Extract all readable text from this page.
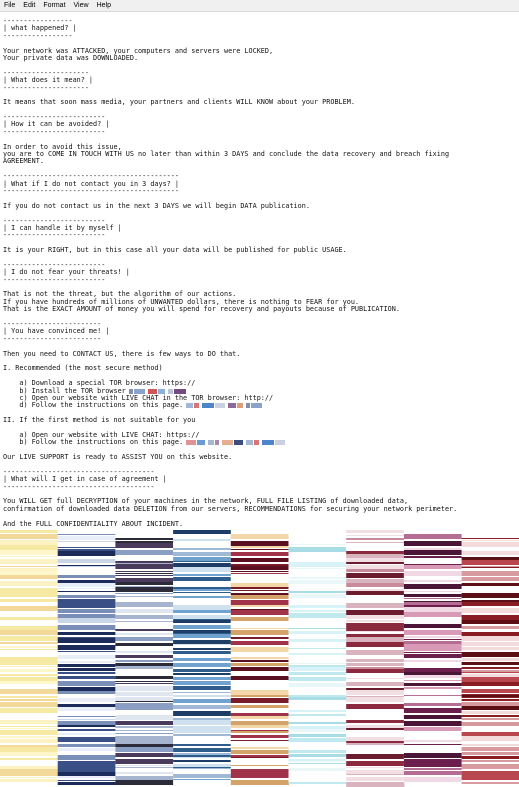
File Edit Format View Help
-----------------
| what happened? |
-----------------
Your network was ATTACKED, your computers and servers were LOCKED,
Your private data was DOWNLOADED.
---------------------
| What does it mean? |
---------------------
It means that soon mass media, your partners and clients WILL KNOW about your PROBLEM.
-------------------------
| How it can be avoided? |
-------------------------
In order to avoid this issue,
you are to COME IN TOUCH WITH US no later than within 3 DAYS and conclude the data recovery and breach fixing
AGREEMENT.
-------------------------------------------
| What if I do not contact you in 3 days? |
-------------------------------------------
If you do not contact us in the next 3 DAYS we will begin DATA publication.
-------------------------
| I can handle it by myself |
-------------------------
It is your RIGHT, but in this case all your data will be published for public USAGE.
-------------------------
| I do not fear your threats! |
-------------------------
That is not the threat, but the algorithm of our actions.
If you have hundreds of millions of UNWANTED dollars, there is nothing to FEAR for you.
That is the EXACT AMOUNT of money you will spend for recovery and payouts because of PUBLICATION.
------------------------
| You have convinced me! |
------------------------
Then you need to CONTACT US, there is few ways to DO that.
I. Recommended (the most secure method)
a) Download a special TOR browser: https://
b) Install the TOR browser
c) Open our website with LIVE CHAT in the TOR browser: http://
d) Follow the instructions on this page.
II. If the first method is not suitable for you
a) Open our website with LIVE CHAT: https://
b) Follow the instructions on this page.
Our LIVE SUPPORT is ready to ASSIST YOU on this website.
-------------------------------------
| What will I get in case of agreement |
-------------------------------------
You WILL GET full DECRYPTION of your machines in the network, FULL FILE LISTING of downloaded data,
confirmation of downloaded data DELETION from our servers, RECOMMENDATIONS for securing your network perimeter.
And the FULL CONFIDENTIALITY ABOUT INCIDENT.
